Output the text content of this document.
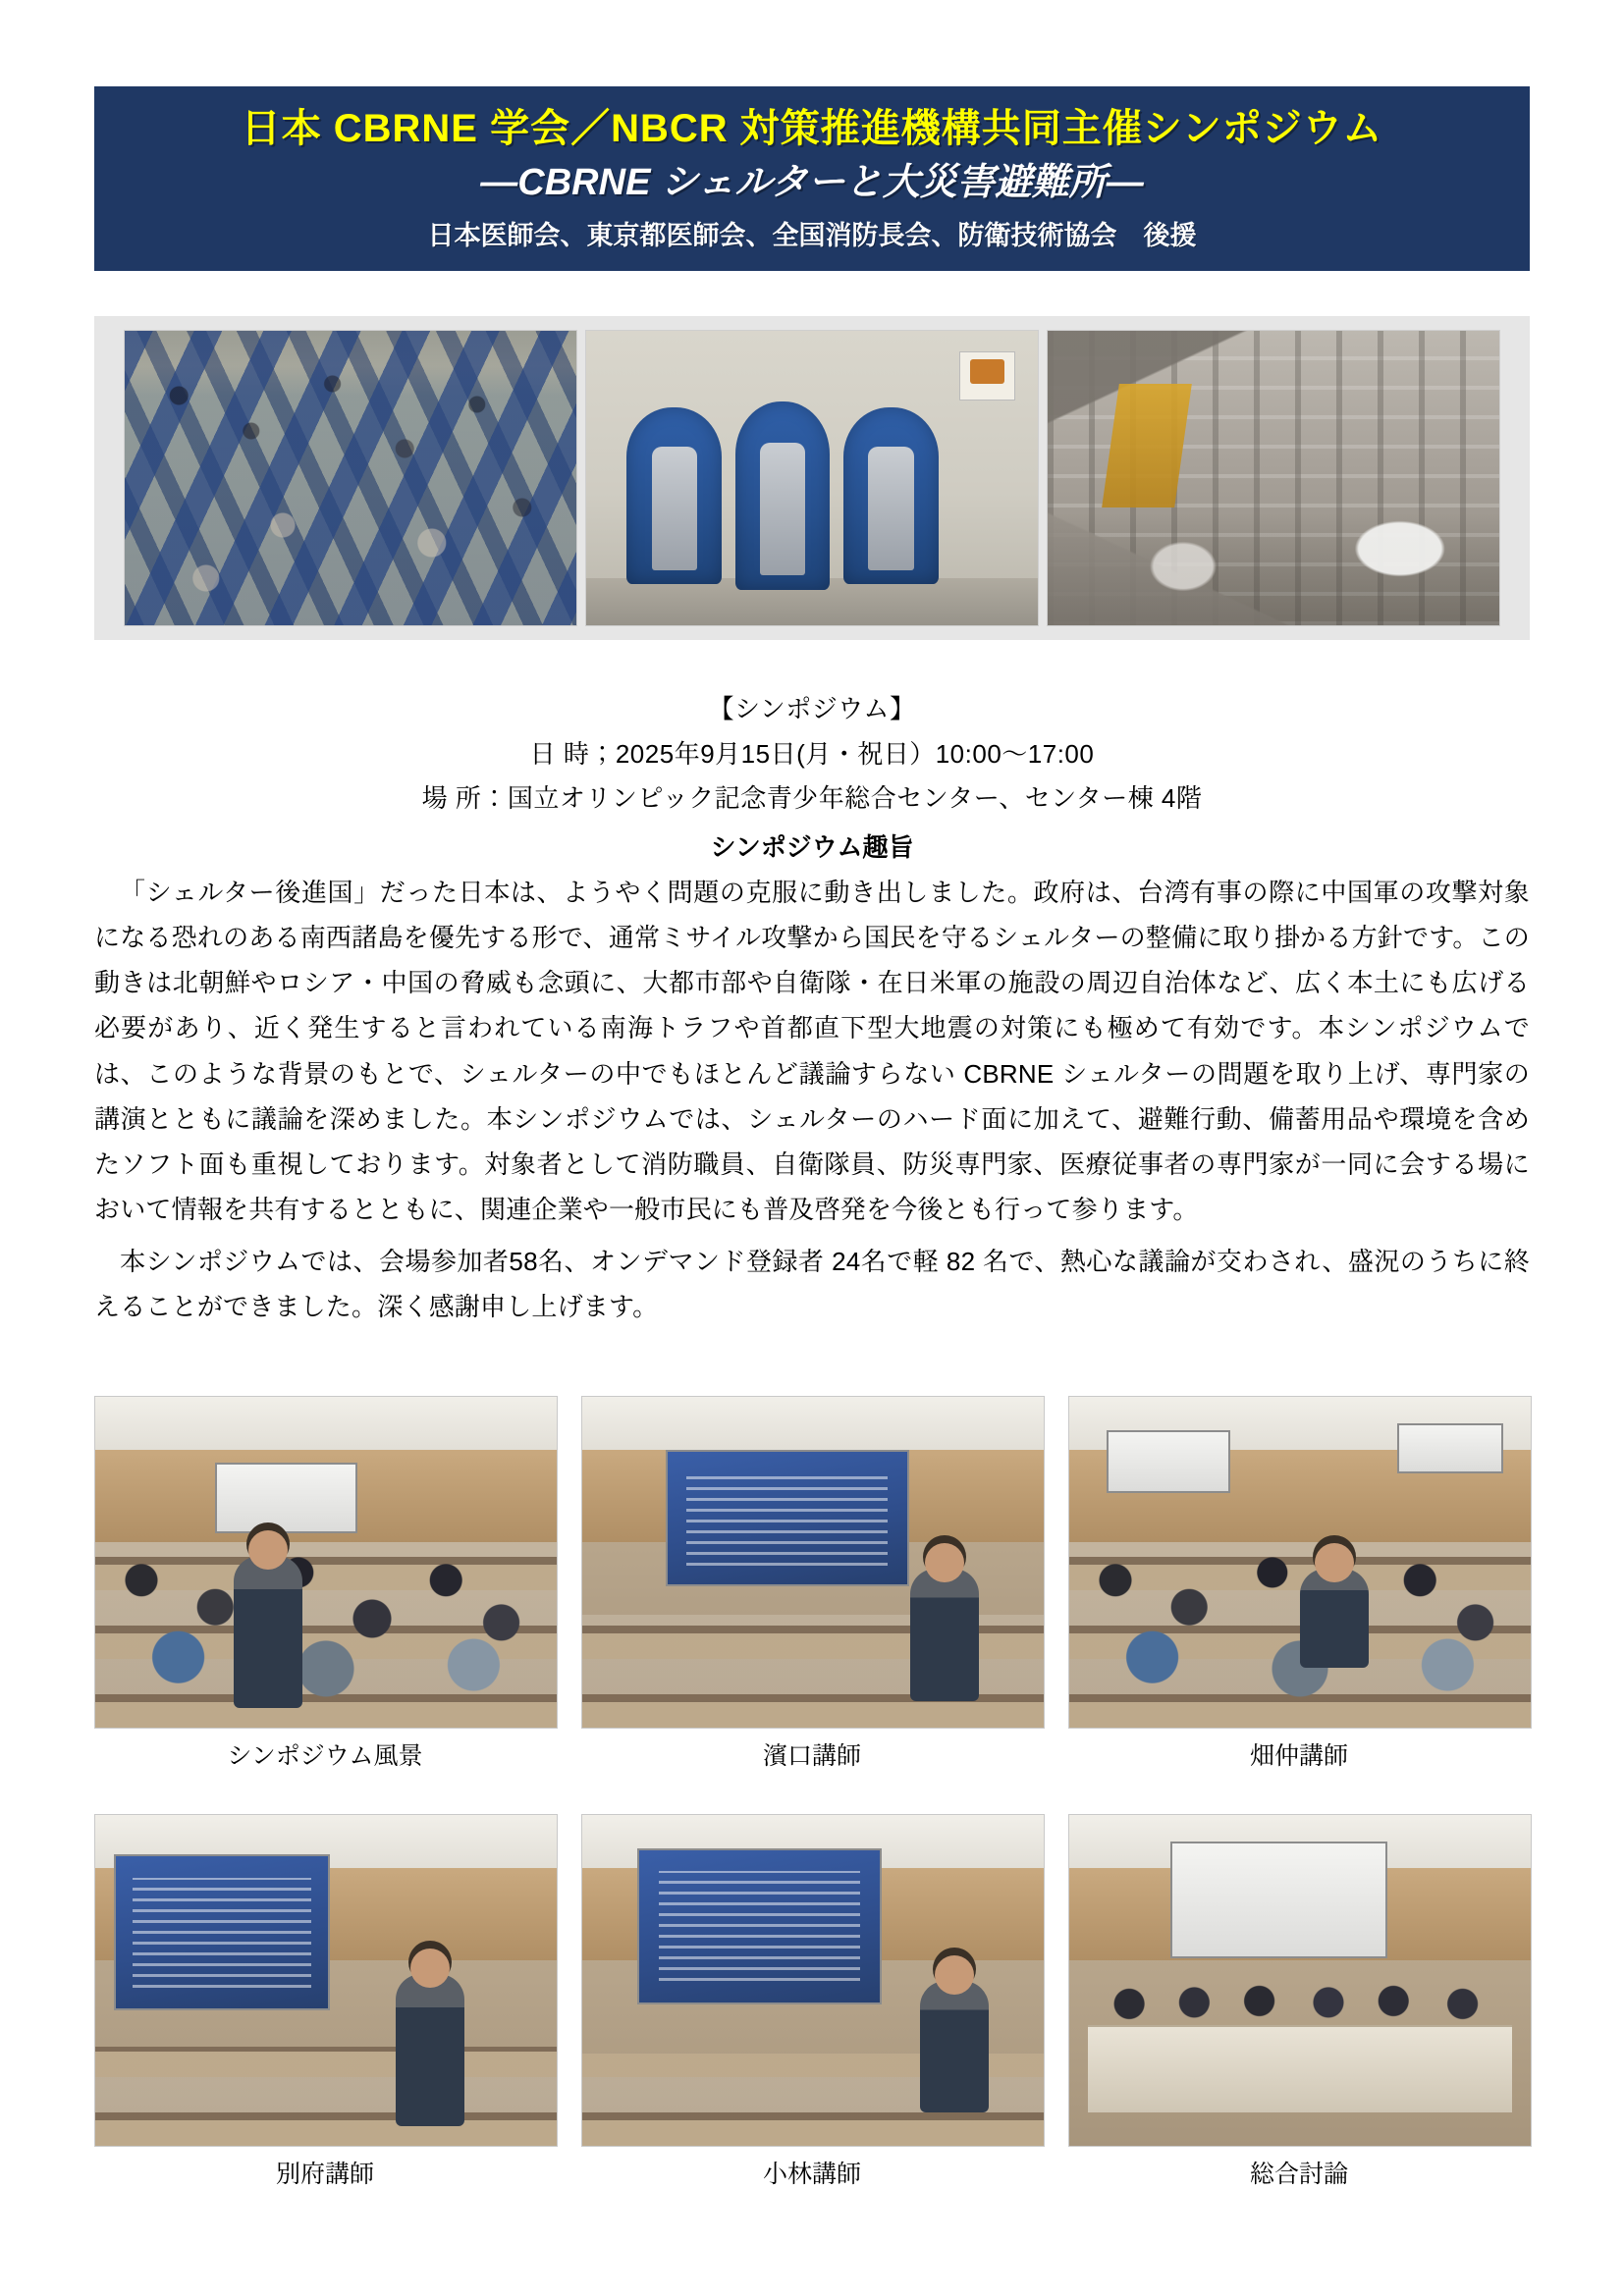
日本 CBRNE 学会／NBCR 対策推進機構共同主催シンポジウム
―CBRNE シェルターと大災害避難所―
日本医師会、東京都医師会、全国消防長会、防衛技術協会　後援
【シンポジウム】
日 時；2025年9月15日(月・祝日）10:00～17:00
場 所：国立オリンピック記念青少年総合センター、センター棟 4階
シンポジウム趣旨
「シェルター後進国」だった日本は、ようやく問題の克服に動き出しました。政府は、台湾有事の際に中国軍の攻撃対象になる恐れのある南西諸島を優先する形で、通常ミサイル攻撃から国民を守るシェルターの整備に取り掛かる方針です。この動きは北朝鮮やロシア・中国の脅威も念頭に、大都市部や自衛隊・在日米軍の施設の周辺自治体など、広く本土にも広げる必要があり、近く発生すると言われている南海トラフや首都直下型大地震の対策にも極めて有効です。本シンポジウムでは、このような背景のもとで、シェルターの中でもほとんど議論すらない CBRNE シェルターの問題を取り上げ、専門家の講演とともに議論を深めました。本シンポジウムでは、シェルターのハード面に加えて、避難行動、備蓄用品や環境を含めたソフト面も重視しております。対象者として消防職員、自衛隊員、防災専門家、医療従事者の専門家が一同に会する場において情報を共有するとともに、関連企業や一般市民にも普及啓発を今後とも行って参ります。
本シンポジウムでは、会場参加者58名、オンデマンド登録者 24名で軽 82 名で、熱心な議論が交わされ、盛況のうちに終えることができました。深く感謝申し上げます。
シンポジウム風景	濱口講師	畑仲講師
別府講師	小林講師	総合討論
